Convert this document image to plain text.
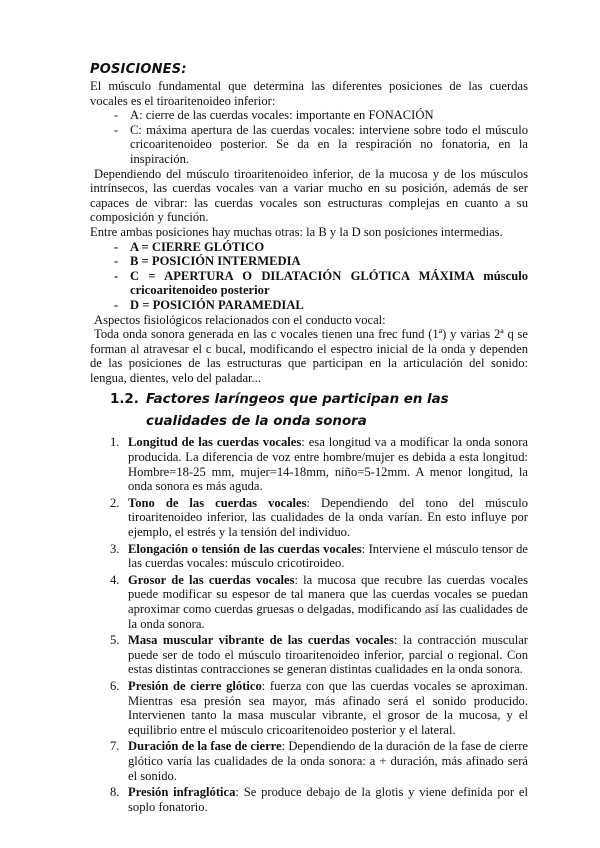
POSICIONES:

El músculo fundamental que determina las diferentes posiciones de las cuerdas vocales es el tiroaritenoideo inferior:

- A: cierre de las cuerdas vocales: importante en FONACIÓN
- C: máxima apertura de las cuerdas vocales: interviene sobre todo el músculo cricoaritenoideo posterior. Se da en la respiración no fonatoria, en la inspiración.

Dependiendo del músculo tiroaritenoideo inferior, de la mucosa y de los músculos intrínsecos, las cuerdas vocales van a variar mucho en su posición, además de ser capaces de vibrar: las cuerdas vocales son estructuras complejas en cuanto a su composición y función.

Entre ambas posiciones hay muchas otras: la B y la D son posiciones intermedias.

- A = CIERRE GLÓTICO
- B = POSICIÓN INTERMEDIA
- C = APERTURA O DILATACIÓN GLÓTICA MÁXIMA músculo cricoaritenoideo posterior
- D = POSICIÓN PARAMEDIAL

Aspectos fisiológicos relacionados con el conducto vocal:

Toda onda sonora generada en las c vocales tienen una frec fund (1ª) y varias 2ª q se forman al atravesar el c bucal, modificando el espectro inicial de la onda y dependen de las posiciones de las estructuras que participan en la articulación del sonido: lengua, dientes, velo del paladar...

1.2. Factores laríngeos que participan en las cualidades de la onda sonora
1. Longitud de las cuerdas vocales: esa longitud va a modificar la onda sonora producida. La diferencia de voz entre hombre/mujer es debida a esta longitud: Hombre=18-25 mm, mujer=14-18mm, niño=5-12mm. A menor longitud, la onda sonora es más aguda.
2. Tono de las cuerdas vocales: Dependiendo del tono del músculo tiroaritenoideo inferior, las cualidades de la onda varían. En esto influye por ejemplo, el estrés y la tensión del individuo.
3. Elongación o tensión de las cuerdas vocales: Interviene el músculo tensor de las cuerdas vocales: músculo cricotiroideo.
4. Grosor de las cuerdas vocales: la mucosa que recubre las cuerdas vocales puede modificar su espesor de tal manera que las cuerdas vocales se puedan aproximar como cuerdas gruesas o delgadas, modificando así las cualidades de la onda sonora.
5. Masa muscular vibrante de las cuerdas vocales: la contracción muscular puede ser de todo el músculo tiroaritenoideo inferior, parcial o regional. Con estas distintas contracciones se generan distintas cualidades en la onda sonora.
6. Presión de cierre glótico: fuerza con que las cuerdas vocales se aproximan. Mientras esa presión sea mayor, más afinado será el sonido producido. Intervienen tanto la masa muscular vibrante, el grosor de la mucosa, y el equilibrio entre el músculo cricoaritenoideo posterior y el lateral.
7. Duración de la fase de cierre: Dependiendo de la duración de la fase de cierre glótico varía las cualidades de la onda sonora: a + duración, más afinado será el sonido.
8. Presión infraglótica: Se produce debajo de la glotis y viene definida por el soplo fonatorio.
